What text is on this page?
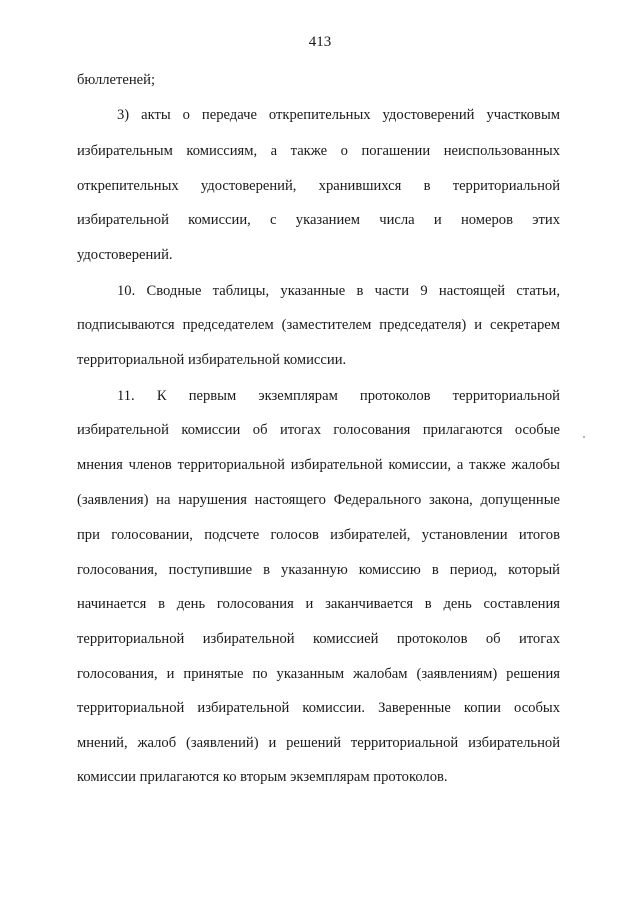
413
бюллетеней;
3) акты о передаче открепительных удостоверений участковым
избирательным комиссиям, а также о погашении неиспользованных
открепительных удостоверений, хранившихся в территориальной
избирательной комиссии, с указанием числа и номеров этих
удостоверений.
10. Сводные таблицы, указанные в части 9 настоящей статьи,
подписываются председателем (заместителем председателя) и секретарем
территориальной избирательной комиссии.
11. К первым экземплярам протоколов территориальной
избирательной комиссии об итогах голосования прилагаются особые
мнения членов территориальной избирательной комиссии, а также жалобы
(заявления) на нарушения настоящего Федерального закона, допущенные
при голосовании, подсчете голосов избирателей, установлении итогов
голосования, поступившие в указанную комиссию в период, который
начинается в день голосования и заканчивается в день составления
территориальной избирательной комиссией протоколов об итогах
голосования, и принятые по указанным жалобам (заявлениям) решения
территориальной избирательной комиссии. Заверенные копии особых
мнений, жалоб (заявлений) и решений территориальной избирательной
комиссии прилагаются ко вторым экземплярам протоколов.
